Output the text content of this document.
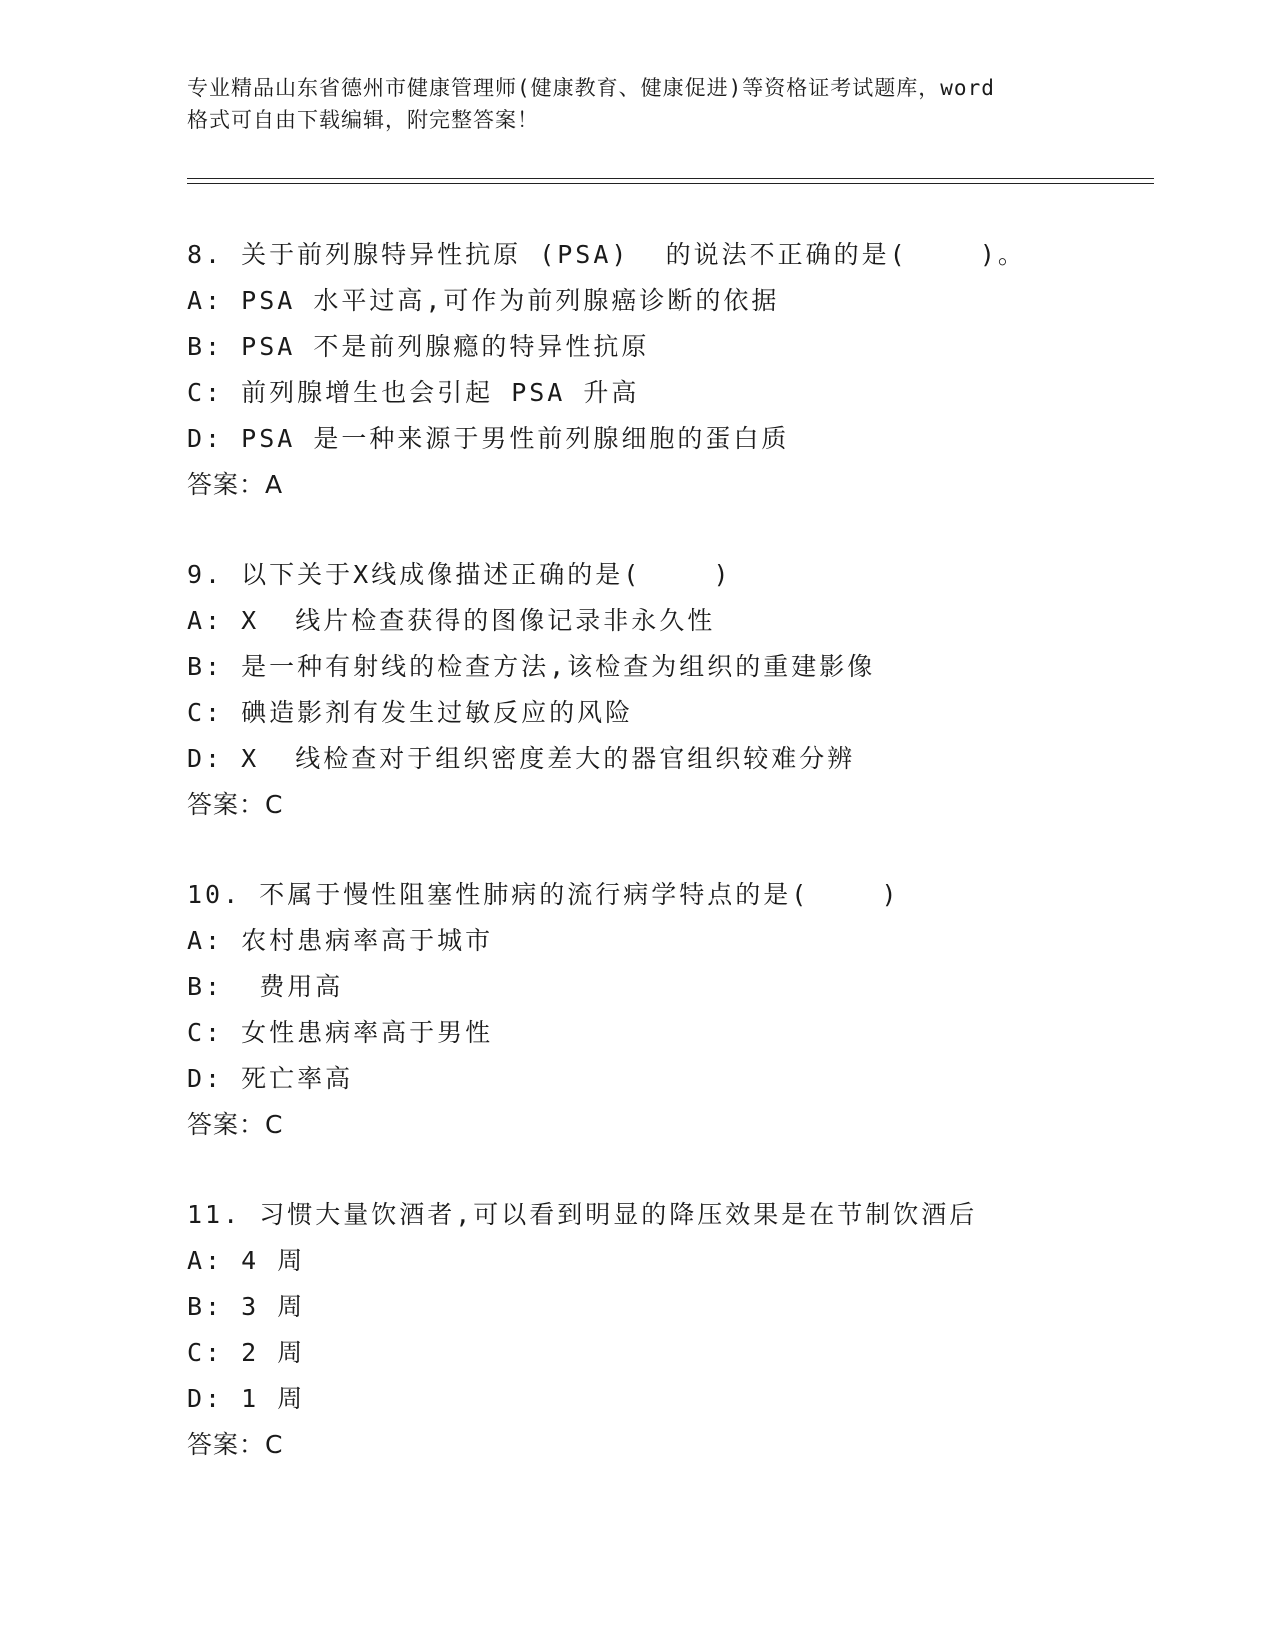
专业精品山东省德州市健康管理师(健康教育、健康促进)等资格证考试题库，word
格式可自由下载编辑，附完整答案！
8. 关于前列腺特异性抗原 (PSA)  的说法不正确的是(    )。
A: PSA 水平过高,可作为前列腺癌诊断的依据
B: PSA 不是前列腺瘾的特异性抗原
C: 前列腺增生也会引起 PSA 升高
D: PSA 是一种来源于男性前列腺细胞的蛋白质
答案：A
9. 以下关于X线成像描述正确的是(    )
A: X  线片检查获得的图像记录非永久性
B: 是一种有射线的检查方法,该检查为组织的重建影像
C: 碘造影剂有发生过敏反应的风险
D: X  线检查对于组织密度差大的器官组织较难分辨
答案：C
10. 不属于慢性阻塞性肺病的流行病学特点的是(    )
A: 农村患病率高于城市
B:  费用高
C: 女性患病率高于男性
D: 死亡率高
答案：C
11. 习惯大量饮酒者,可以看到明显的降压效果是在节制饮酒后
A: 4 周
B: 3 周
C: 2 周
D: 1 周
答案：C
